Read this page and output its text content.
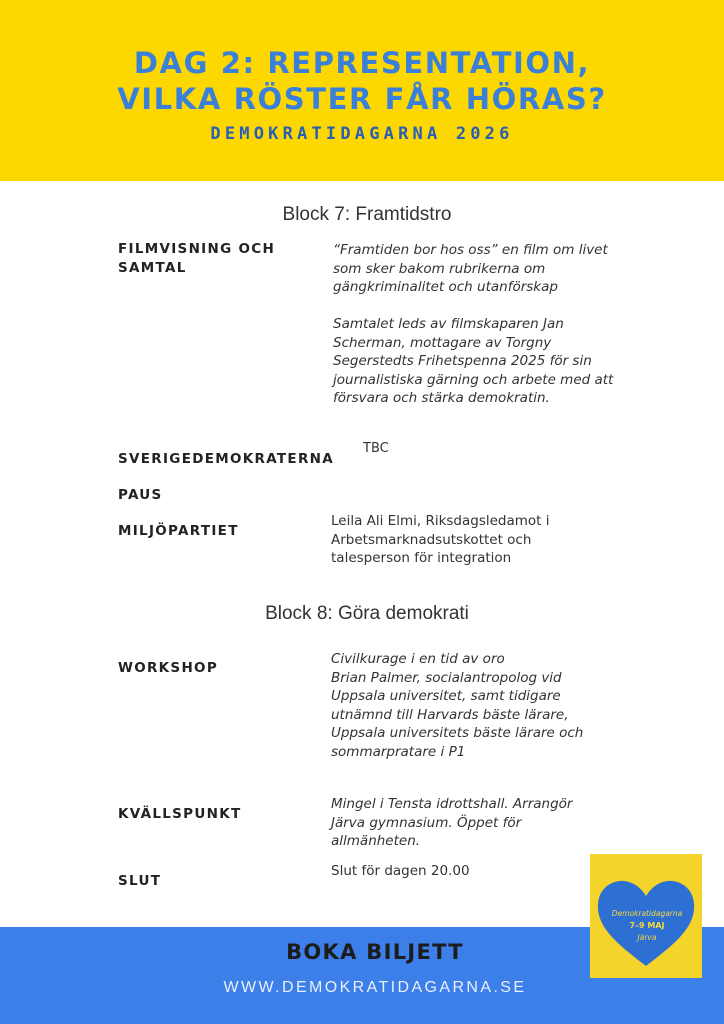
DAG 2: REPRESENTATION,
VILKA RÖSTER FÅR HÖRAS?
DEMOKRATIDAGARNA 2026
Block 7: Framtidstro
FILMVISNING OCH
SAMTAL
“Framtiden bor hos oss” en film om livet som sker bakom rubrikerna om gängkriminalitet och utanförskap

Samtalet leds av filmskaparen Jan Scherman, mottagare av Torgny Segerstedts Frihetspenna 2025 för sin journalistiska gärning och arbete med att försvara och stärka demokratin.
SVERIGEDEMOKRATERNA
TBC
PAUS
MILJÖPARTIET
Leila Ali Elmi, Riksdagsledamot i Arbetsmarknadsutskottet och talesperson för integration
Block 8: Göra demokrati
WORKSHOP
Civilkurage i en tid av oro
Brian Palmer, socialantropolog vid Uppsala universitet, samt tidigare utnämnd till Harvards bäste lärare, Uppsala universitets bäste lärare och sommarpratare i P1
KVÄLLSPUNKT
Mingel i Tensta idrottshall. Arrangör Järva gymnasium. Öppet för allmänheten.
SLUT
Slut för dagen 20.00
BOKA BILJETT
WWW.DEMOKRATIDAGARNA.SE
Demokratidagarna
7–9 MAJ
Järva
